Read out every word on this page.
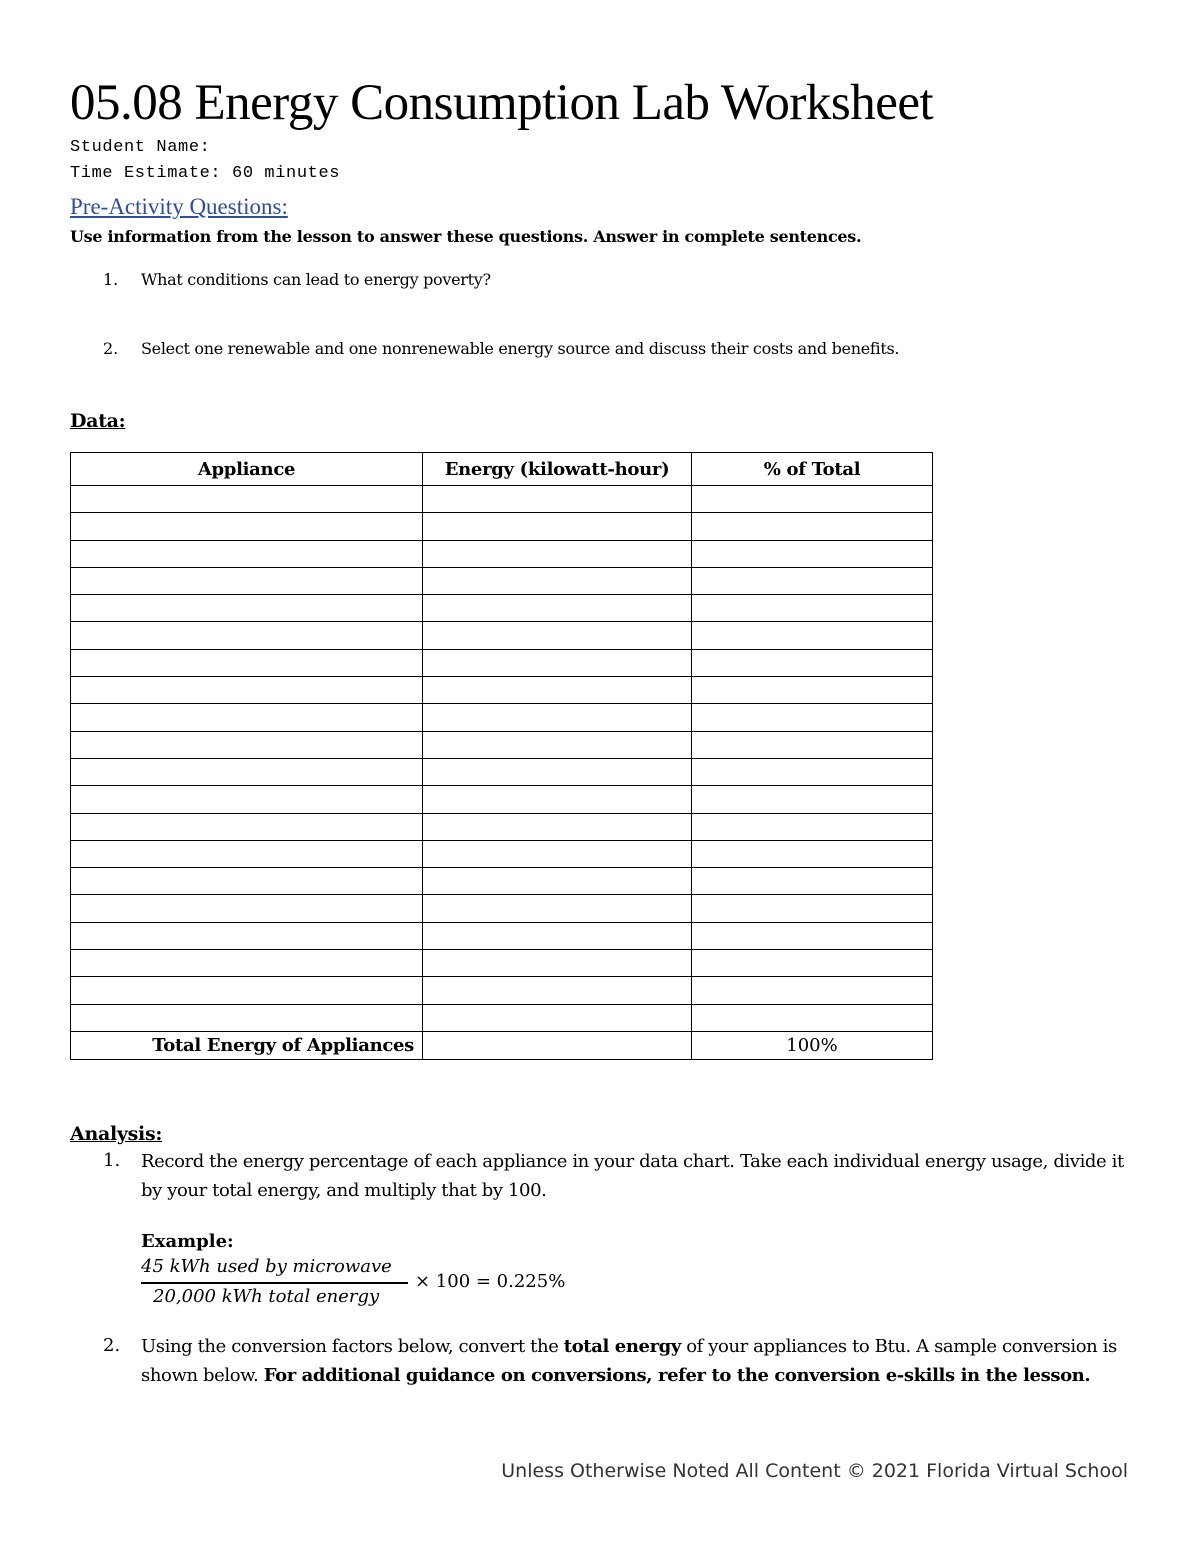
05.08 Energy Consumption Lab Worksheet
Student Name:
Time Estimate: 60 minutes
Pre-Activity Questions:
Use information from the lesson to answer these questions. Answer in complete sentences.
1. What conditions can lead to energy poverty?
2. Select one renewable and one nonrenewable energy source and discuss their costs and benefits.
Data:
Appliance	Energy (kilowatt-hour)	% of Total

Total Energy of Appliances		100%
Analysis:
1. Record the energy percentage of each appliance in your data chart. Take each individual energy usage, divide it by your total energy, and multiply that by 100.
Example:
45 kWh used by microwave
20,000 kWh total energy
× 100 = 0.225%
2. Using the conversion factors below, convert the total energy of your appliances to Btu. A sample conversion is shown below. For additional guidance on conversions, refer to the conversion e-skills in the lesson.
Unless Otherwise Noted All Content © 2021 Florida Virtual School
